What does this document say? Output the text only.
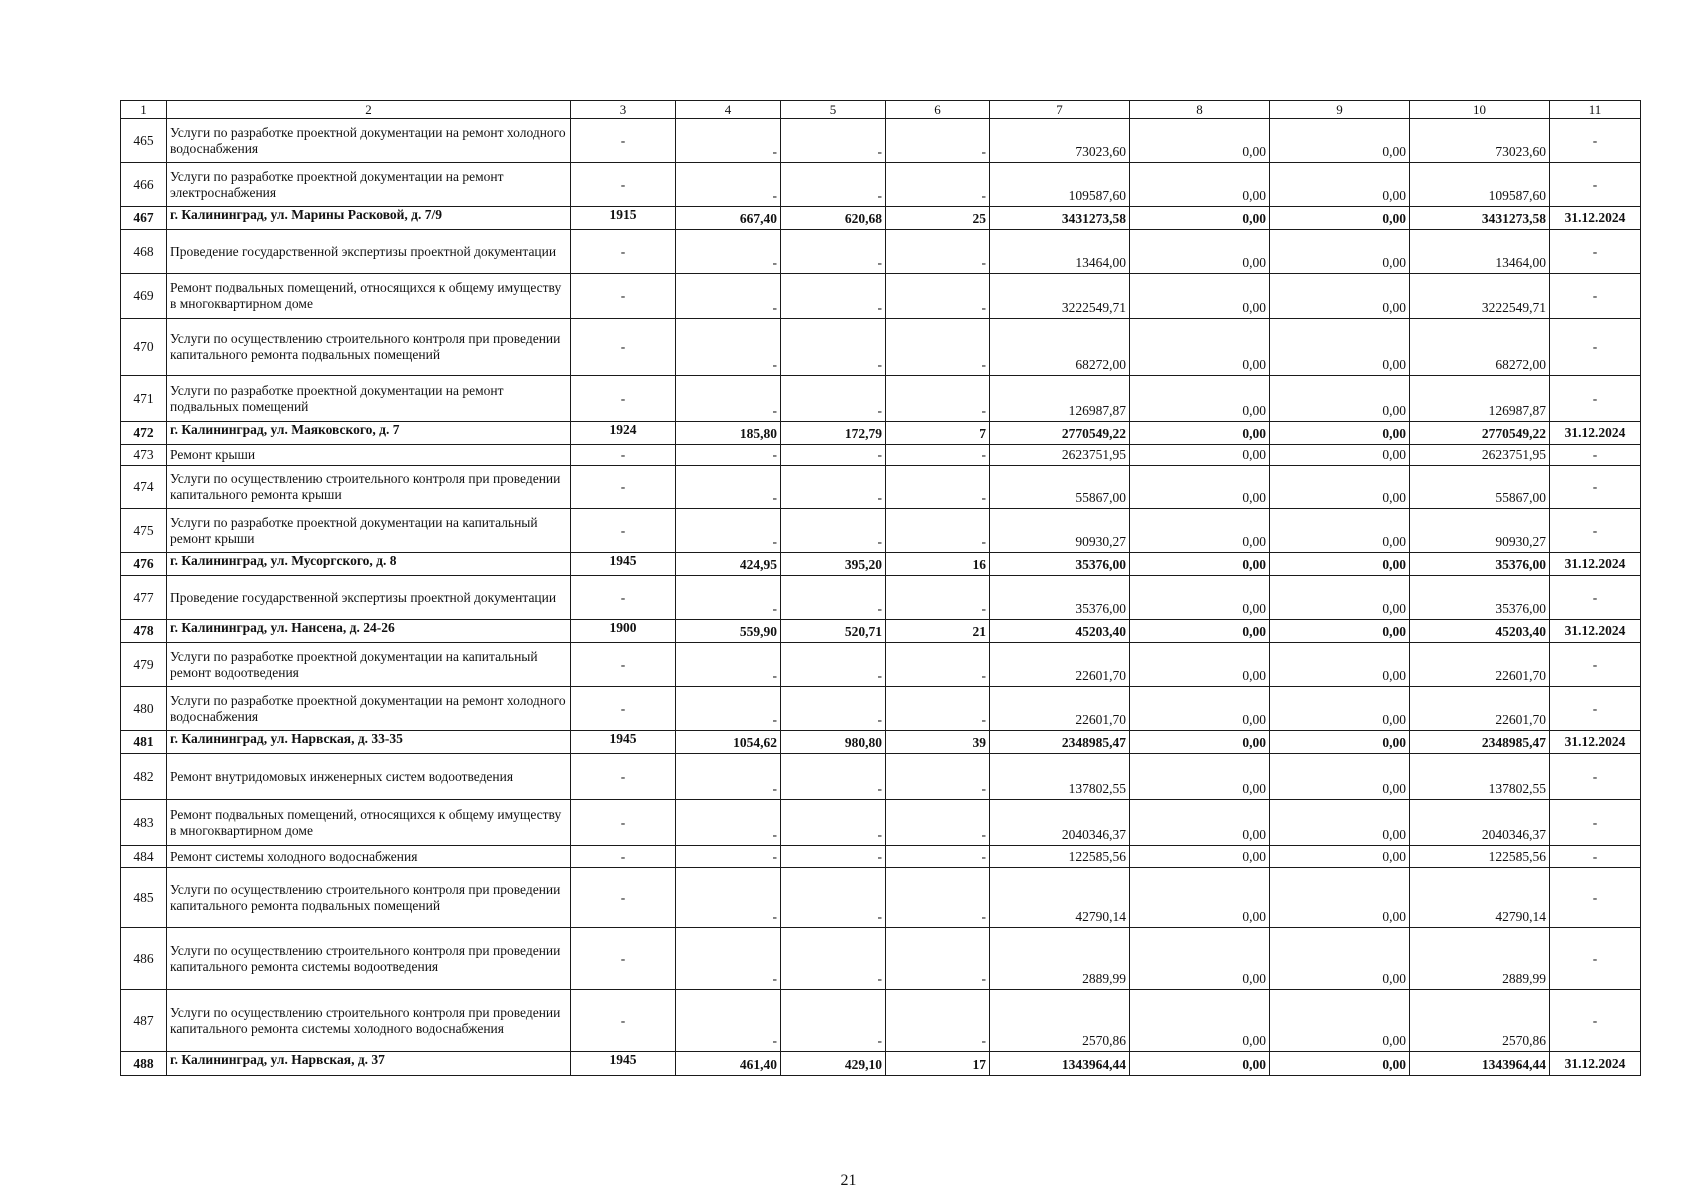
1	2	3	4	5	6	7	8	9	10	11
465	Услуги по разработке проектной документации на ремонт холодного водоснабжения	-	-	-	-	73023,60	0,00	0,00	73023,60	-
466	Услуги по разработке проектной документации на ремонт электроснабжения	-	-	-	-	109587,60	0,00	0,00	109587,60	-
467	г. Калининград, ул. Марины Расковой, д. 7/9	1915	667,40	620,68	25	3431273,58	0,00	0,00	3431273,58	31.12.2024
468	Проведение государственной экспертизы проектной документации	-	-	-	-	13464,00	0,00	0,00	13464,00	-
469	Ремонт подвальных помещений, относящихся к общему имуществу в многоквартирном доме	-	-	-	-	3222549,71	0,00	0,00	3222549,71	-
470	Услуги по осуществлению строительного контроля при проведении капитального ремонта подвальных помещений	-	-	-	-	68272,00	0,00	0,00	68272,00	-
471	Услуги по разработке проектной документации на ремонт подвальных помещений	-	-	-	-	126987,87	0,00	0,00	126987,87	-
472	г. Калининград, ул. Маяковского, д. 7	1924	185,80	172,79	7	2770549,22	0,00	0,00	2770549,22	31.12.2024
473	Ремонт крыши	-	-	-	-	2623751,95	0,00	0,00	2623751,95	-
474	Услуги по осуществлению строительного контроля при проведении капитального ремонта крыши	-	-	-	-	55867,00	0,00	0,00	55867,00	-
475	Услуги по разработке проектной документации на капитальный ремонт крыши	-	-	-	-	90930,27	0,00	0,00	90930,27	-
476	г. Калининград, ул. Мусоргского, д. 8	1945	424,95	395,20	16	35376,00	0,00	0,00	35376,00	31.12.2024
477	Проведение государственной экспертизы проектной документации	-	-	-	-	35376,00	0,00	0,00	35376,00	-
478	г. Калининград, ул. Нансена, д. 24-26	1900	559,90	520,71	21	45203,40	0,00	0,00	45203,40	31.12.2024
479	Услуги по разработке проектной документации на капитальный ремонт водоотведения	-	-	-	-	22601,70	0,00	0,00	22601,70	-
480	Услуги по разработке проектной документации на ремонт холодного водоснабжения	-	-	-	-	22601,70	0,00	0,00	22601,70	-
481	г. Калининград, ул. Нарвская, д. 33-35	1945	1054,62	980,80	39	2348985,47	0,00	0,00	2348985,47	31.12.2024
482	Ремонт внутридомовых инженерных систем водоотведения	-	-	-	-	137802,55	0,00	0,00	137802,55	-
483	Ремонт подвальных помещений, относящихся к общему имуществу в многоквартирном доме	-	-	-	-	2040346,37	0,00	0,00	2040346,37	-
484	Ремонт системы холодного водоснабжения	-	-	-	-	122585,56	0,00	0,00	122585,56	-
485	Услуги по осуществлению строительного контроля при проведении капитального ремонта подвальных помещений	-	-	-	-	42790,14	0,00	0,00	42790,14	-
486	Услуги по осуществлению строительного контроля при проведении капитального ремонта системы водоотведения	-	-	-	-	2889,99	0,00	0,00	2889,99	-
487	Услуги по осуществлению строительного контроля при проведении капитального ремонта системы холодного водоснабжения	-	-	-	-	2570,86	0,00	0,00	2570,86	-
488	г. Калининград, ул. Нарвская, д. 37	1945	461,40	429,10	17	1343964,44	0,00	0,00	1343964,44	31.12.2024
21
